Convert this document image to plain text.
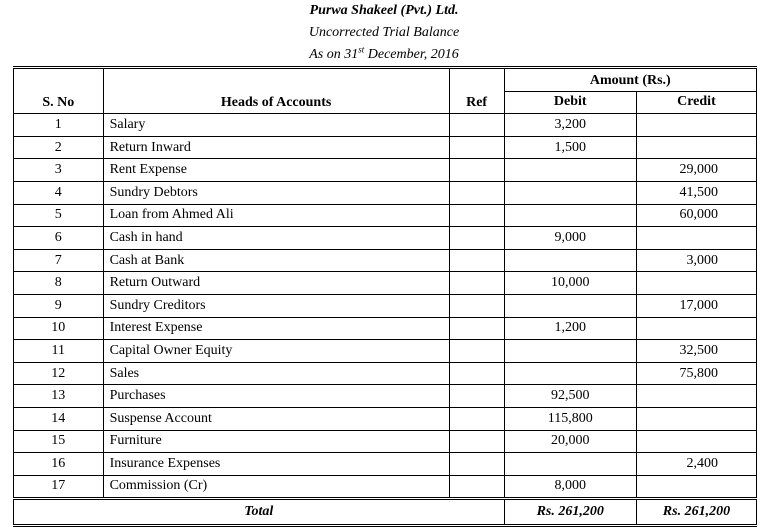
Purwa Shakeel (Pvt.) Ltd.
Uncorrected Trial Balance
As on 31st December, 2016
S. No	Heads of Accounts	Ref	Amount (Rs.)	
			Debit	Credit
1	Salary		3,200	
2	Return Inward		1,500	
3	Rent Expense			29,000
4	Sundry Debtors			41,500
5	Loan from Ahmed Ali			60,000
6	Cash in hand		9,000	
7	Cash at Bank			3,000
8	Return Outward		10,000	
9	Sundry Creditors			17,000
10	Interest Expense		1,200	
11	Capital Owner Equity			32,500
12	Sales			75,800
13	Purchases		92,500	
14	Suspense Account		115,800	
15	Furniture		20,000	
16	Insurance Expenses			2,400
17	Commission (Cr)		8,000	
Total			Rs. 261,200	Rs. 261,200
